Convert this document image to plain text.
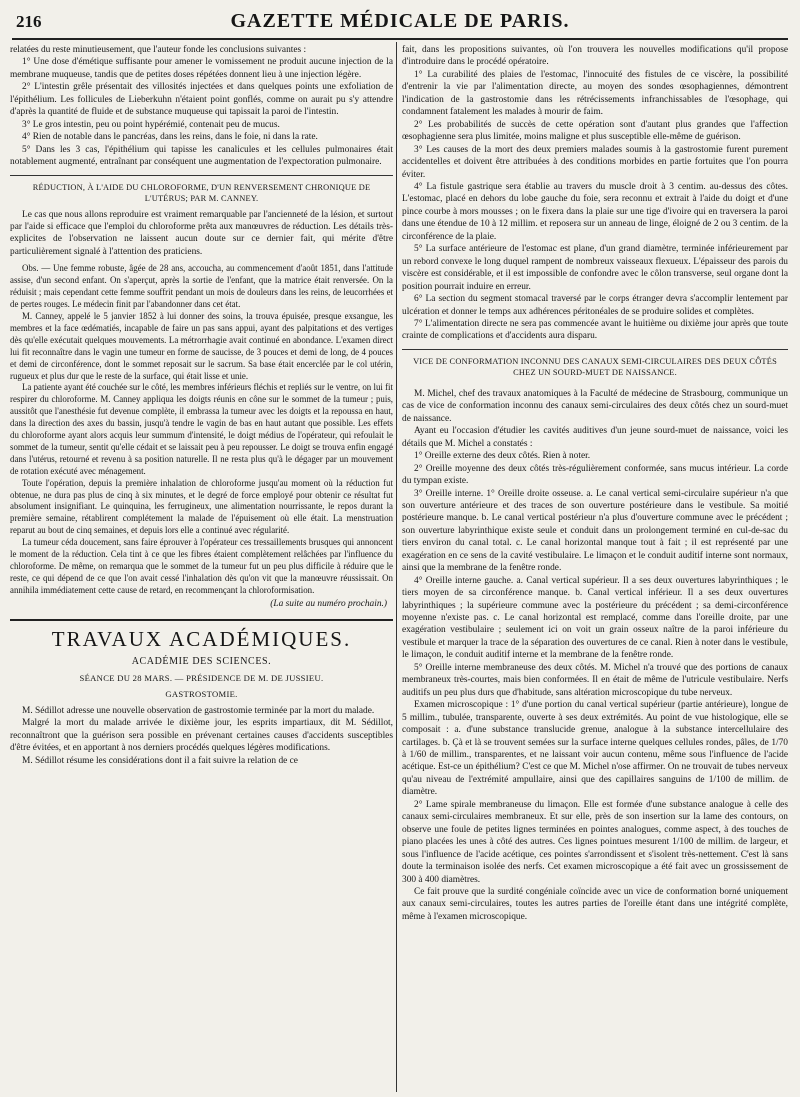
216	GAZETTE MÉDICALE DE PARIS.

relatées du reste minutieusement, que l'auteur fonde les conclusions suivantes :

1° Une dose d'émétique suffisante pour amener le vomissement ne produit aucune injection de la membrane muqueuse, tandis que de petites doses répétées donnent lieu à une injection légère.

2° L'intestin grêle présentait des villosités injectées et dans quelques points une exfoliation de l'épithélium. Les follicules de Lieberkuhn n'étaient point gonflés, comme on aurait pu s'y attendre d'après la quantité de fluide et de substance muqueuse qui tapissait la paroi de l'intestin.

3° Le gros intestin, peu ou point hypérémié, contenait peu de mucus.

4° Rien de notable dans le pancréas, dans les reins, dans le foie, ni dans la rate.

5° Dans les 3 cas, l'épithélium qui tapisse les canalicules et les cellules pulmonaires était notablement augmenté, entraînant par conséquent une augmentation de l'expectoration pulmonaire.

RÉDUCTION, À L'AIDE DU CHLOROFORME, D'UN RENVERSEMENT CHRONIQUE DE L'UTÉRUS; PAR M. CANNEY.

Le cas que nous allons reproduire est vraiment remarquable par l'ancienneté de la lésion, et surtout par l'aide si efficace que l'emploi du chloroforme prêta aux manœuvres de réduction. Les détails très-explicites de l'observation ne laissent aucun doute sur ce dernier fait, qui mérite d'être particulièrement signalé à l'attention des praticiens.

Obs. — Une femme robuste, âgée de 28 ans, accoucha, au commencement d'août 1851, dans l'attitude assise, d'un second enfant. On s'aperçut, après la sortie de l'enfant, que la matrice était renversée. On la réduisit ; mais cependant cette femme souffrit pendant un mois de douleurs dans les reins, de leucorrhées et de pertes rouges. Le médecin finit par l'abandonner dans cet état.

M. Canney, appelé le 5 janvier 1852 à lui donner des soins, la trouva épuisée, presque exsangue, les membres et la face œdématiés, incapable de faire un pas sans appui, ayant des palpitations et des vertiges dès qu'elle exécutait quelques mouvements. La métrorrhagie avait continué en abondance. L'examen direct lui fit reconnaître dans le vagin une tumeur en forme de saucisse, de 3 pouces et demi de long, de 4 pouces et demi de circonférence, dont le sommet reposait sur le sacrum. Sa base était encerclée par le col utérin, rugueux et plus dur que le reste de la surface, qui était lisse et unie.

La patiente ayant été couchée sur le côté, les membres inférieurs fléchis et repliés sur le ventre, on lui fit respirer du chloroforme. M. Canney appliqua les doigts réunis en cône sur le sommet de la tumeur ; puis, aussitôt que l'anesthésie fut devenue complète, il embrassa la tumeur avec les doigts et la repoussa en haut, dans la direction des axes du bassin, jusqu'à tendre le vagin de bas en haut autant que possible. Les effets du chloroforme ayant alors acquis leur summum d'intensité, le doigt médius de l'opérateur, qui refoulait le sommet de la tumeur, sentit qu'elle cédait et se laissait peu à peu repousser. Le doigt se trouva enfin engagé dans l'utérus, retourné et revenu à sa position naturelle. Il ne resta plus qu'à le dégager par un mouvement de rotation exécuté avec ménagement.

Toute l'opération, depuis la première inhalation de chloroforme jusqu'au moment où la réduction fut obtenue, ne dura pas plus de cinq à six minutes, et le degré de force employé pour obtenir ce résultat fut absolument insignifiant. Le quinquina, les ferrugineux, une alimentation nourrissante, le repos durant la première semaine, rétablirent complétement la malade de l'épuisement où elle était. La menstruation reparut au bout de cinq semaines, et depuis lors elle a continué avec régularité.

La tumeur céda doucement, sans faire éprouver à l'opérateur ces tressaillements brusques qui annoncent le moment de la réduction. Cela tint à ce que les fibres étaient complètement relâchées par l'influence du chloroforme. De même, on remarqua que le sommet de la tumeur fut un peu plus difficile à réduire que le reste, ce qui dépend de ce que l'on avait cessé l'inhalation dès qu'on vit que la manœuvre réussissait. On annihila immédiatement cette cause de retard, en recommençant la chloroformisation.

(La suite au numéro prochain.)
TRAVAUX ACADÉMIQUES.
ACADÉMIE DES SCIENCES.
SÉANCE DU 28 MARS. — PRÉSIDENCE DE M. DE JUSSIEU.
GASTROSTOMIE.

M. Sédillot adresse une nouvelle observation de gastrostomie terminée par la mort du malade.

Malgré la mort du malade arrivée le dixième jour, les esprits impartiaux, dit M. Sédillot, reconnaîtront que la guérison sera possible en prévenant certaines causes d'accidents susceptibles d'être évitées, et en apportant à nos derniers procédés quelques légères modifications.

M. Sédillot résume les considérations dont il a fait suivre la relation de ce

fait, dans les propositions suivantes, où l'on trouvera les nouvelles modifications qu'il propose d'introduire dans le procédé opératoire.

1° La curabilité des plaies de l'estomac, l'innocuité des fistules de ce viscère, la possibilité d'entrenir la vie par l'alimentation directe, au moyen des sondes œsophagiennes, démontrent l'indication de la gastrostomie dans les rétrécissements infranchissables de l'œsophage, qui condamnent fatalement les malades à mourir de faim.

2° Les probabilités de succès de cette opération sont d'autant plus grandes que l'affection œsophagienne sera plus limitée, moins maligne et plus susceptible elle-même de guérison.

3° Les causes de la mort des deux premiers malades soumis à la gastrostomie furent purement accidentelles et doivent être attribuées à des conditions morbides en partie fortuites que l'on pourra éviter.

4° La fistule gastrique sera établie au travers du muscle droit à 3 centim. au-dessus des côtes. L'estomac, placé en dehors du lobe gauche du foie, sera reconnu et extrait à l'aide du doigt et d'une pince courbe à mors mousses ; on le fixera dans la plaie sur une tige d'ivoire qui en traversera la paroi dans une étendue de 10 à 12 millim. et reposera sur un anneau de linge, éloigné de 2 ou 3 centim. de la circonférence de la plaie.

5° La surface antérieure de l'estomac est plane, d'un grand diamètre, terminée inférieurement par un rebord convexe le long duquel rampent de nombreux vaisseaux flexueux. L'épaisseur des parois du viscère est considérable, et il est impossible de confondre avec le côlon transverse, seul organe dont la position pourrait induire en erreur.

6° La section du segment stomacal traversé par le corps étranger devra s'accomplir lentement par ulcération et donner le temps aux adhérences péritonéales de se produire solides et complètes.

7° L'alimentation directe ne sera pas commencée avant le huitième ou dixième jour après que toute crainte de complications et d'accidents aura disparu.

VICE DE CONFORMATION INCONNU DES CANAUX SEMI-CIRCULAIRES DES DEUX CÔTÉS CHEZ UN SOURD-MUET DE NAISSANCE.

M. Michel, chef des travaux anatomiques à la Faculté de médecine de Strasbourg, communique un cas de vice de conformation inconnu des canaux semi-circulaires des deux côtés chez un sourd-muet de naissance.

Ayant eu l'occasion d'étudier les cavités auditives d'un jeune sourd-muet de naissance, voici les détails que M. Michel a constatés :

1° Oreille externe des deux côtés. Rien à noter.

2° Oreille moyenne des deux côtés très-régulièrement conformée, sans mucus intérieur. La corde du tympan existe.

3° Oreille interne. 1° Oreille droite osseuse. a. Le canal vertical semi-circulaire supérieur n'a que son ouverture antérieure et des traces de son ouverture postérieure dans le vestibule. Sa moitié postérieure manque. b. Le canal vertical postérieur n'a plus d'ouverture commune avec le précédent ; son ouverture labyrinthique existe seule et conduit dans un prolongement terminé en cul-de-sac du tiers environ du canal total. c. Le canal horizontal manque tout à fait ; il est représenté par une exagération en ce sens de la cavité vestibulaire. Le limaçon et le conduit auditif interne sont normaux, ainsi que la membrane de la fenêtre ronde.

4° Oreille interne gauche. a. Canal vertical supérieur. Il a ses deux ouvertures labyrinthiques ; le tiers moyen de sa circonférence manque. b. Canal vertical inférieur. Il a ses deux ouvertures labyrinthiques ; la supérieure commune avec la postérieure du précédent ; sa demi-circonférence moyenne n'existe pas. c. Le canal horizontal est remplacé, comme dans l'oreille droite, par une exagération vestibulaire ; seulement ici on voit un grain osseux naître de la paroi inférieure du vestibule et marquer la trace de la séparation des ouvertures de ce canal. Rien à noter dans le vestibule, le limaçon, le conduit auditif interne et la membrane de la fenêtre ronde.

5° Oreille interne membraneuse des deux côtés. M. Michel n'a trouvé que des portions de canaux membraneux très-courtes, mais bien conformées. Il en était de même de l'utricule vestibulaire. Nerfs auditifs un peu plus durs que d'habitude, sans altération microscopique du tube nerveux.

Examen microscopique : 1° d'une portion du canal vertical supérieur (partie antérieure), longue de 5 millim., tubulée, transparente, ouverte à ses deux extrémités. Au point de vue histologique, elle se composait : a. d'une substance translucide grenue, analogue à la substance intercellulaire des cartilages. b. Çà et là se trouvent semées sur la surface interne quelques cellules rondes, pâles, de 1/70 à 1/60 de millim., transparentes, et ne laissant voir aucun contenu, même sous l'influence de l'acide acétique. Est-ce un épithélium? C'est ce que M. Michel n'ose affirmer. On ne trouvait de tubes nerveux qu'au niveau de l'extrémité ampullaire, ainsi que des capillaires sanguins de 1/100 de millim. de diamètre.

2° Lame spirale membraneuse du limaçon. Elle est formée d'une substance analogue à celle des canaux semi-circulaires membraneux. Et sur elle, près de son insertion sur la lame des contours, on observe une foule de petites lignes terminées en pointes analogues, comme aspect, à des touches de piano placées les unes à côté des autres. Ces lignes pointues mesurent 1/100 de millim. de largeur, et sous l'influence de l'acide acétique, ces pointes s'arrondissent et s'isolent très-nettement. C'est là sans doute la terminaison isolée des nerfs. Cet examen microscopique a été fait avec un grossissement de 300 à 400 diamètres.

Ce fait prouve que la surdité congéniale coïncide avec un vice de conformation borné uniquement aux canaux semi-circulaires, toutes les autres parties de l'oreille étant dans une intégrité complète, même à l'examen microscopique.
